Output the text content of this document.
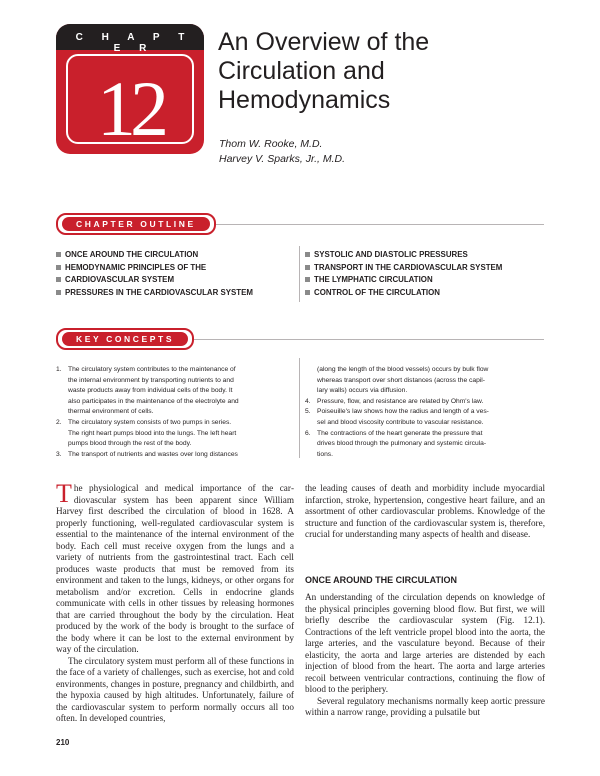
C H A P T E R
12
An Overview of the
Circulation and
Hemodynamics
Thom W. Rooke, M.D.
Harvey V. Sparks, Jr., M.D.
CHAPTER OUTLINE
ONCE AROUND THE CIRCULATION
HEMODYNAMIC PRINCIPLES OF THE
CARDIOVASCULAR SYSTEM
PRESSURES IN THE CARDIOVASCULAR SYSTEM
SYSTOLIC AND DIASTOLIC PRESSURES
TRANSPORT IN THE CARDIOVASCULAR SYSTEM
THE LYMPHATIC CIRCULATION
CONTROL OF THE CIRCULATION
KEY CONCEPTS
1. The circulatory system contributes to the maintenance of
the internal environment by transporting nutrients to and
waste products away from individual cells of the body. It
also participates in the maintenance of the electrolyte and
thermal environment of cells.
2. The circulatory system consists of two pumps in series.
The right heart pumps blood into the lungs. The left heart
pumps blood through the rest of the body.
3. The transport of nutrients and wastes over long distances
(along the length of the blood vessels) occurs by bulk flow
whereas transport over short distances (across the capil-
lary walls) occurs via diffusion.
4. Pressure, flow, and resistance are related by Ohm's law.
5. Poiseuille's law shows how the radius and length of a ves-
sel and blood viscosity contribute to vascular resistance.
6. The contractions of the heart generate the pressure that
drives blood through the pulmonary and systemic circula-
tions.

The physiological and medical importance of the cardiovascular system has been apparent since William Harvey first described the circulation of blood in 1628. A properly functioning, well-regulated cardiovascular system is essential to the maintenance of the internal environment of the body. Each cell must receive oxygen from the lungs and a variety of nutrients from the gastrointestinal tract. Each cell produces waste products that must be removed from its environment and taken to the lungs, kidneys, or other organs for metabolism and/or excretion. Cells in endocrine glands communicate with cells in other tissues by releasing hormones that are carried throughout the body by the circulation. Heat produced by the work of the body is brought to the surface of the body where it can be lost to the external environment by way of the circulation.

The circulatory system must perform all of these functions in the face of a variety of challenges, such as exercise, hot and cold environments, changes in posture, pregnancy and childbirth, and the hypoxia caused by high altitudes. Unfortunately, failure of the cardiovascular system to perform normally occurs all too often. In developed countries,

the leading causes of death and morbidity include myocardial infarction, stroke, hypertension, congestive heart failure, and an assortment of other cardiovascular problems. Knowledge of the structure and function of the cardiovascular system is, therefore, crucial for understanding many aspects of health and disease.

ONCE AROUND THE CIRCULATION

An understanding of the circulation depends on knowledge of the physical principles governing blood flow. But first, we will briefly describe the cardiovascular system (Fig. 12.1). Contractions of the left ventricle propel blood into the aorta, the large arteries, and the vasculature beyond. Because of their elasticity, the aorta and large arteries are distended by each injection of blood from the heart. The aorta and large arteries recoil between ventricular contractions, continuing the flow of blood to the periphery.

Several regulatory mechanisms normally keep aortic pressure within a narrow range, providing a pulsatile but

210
